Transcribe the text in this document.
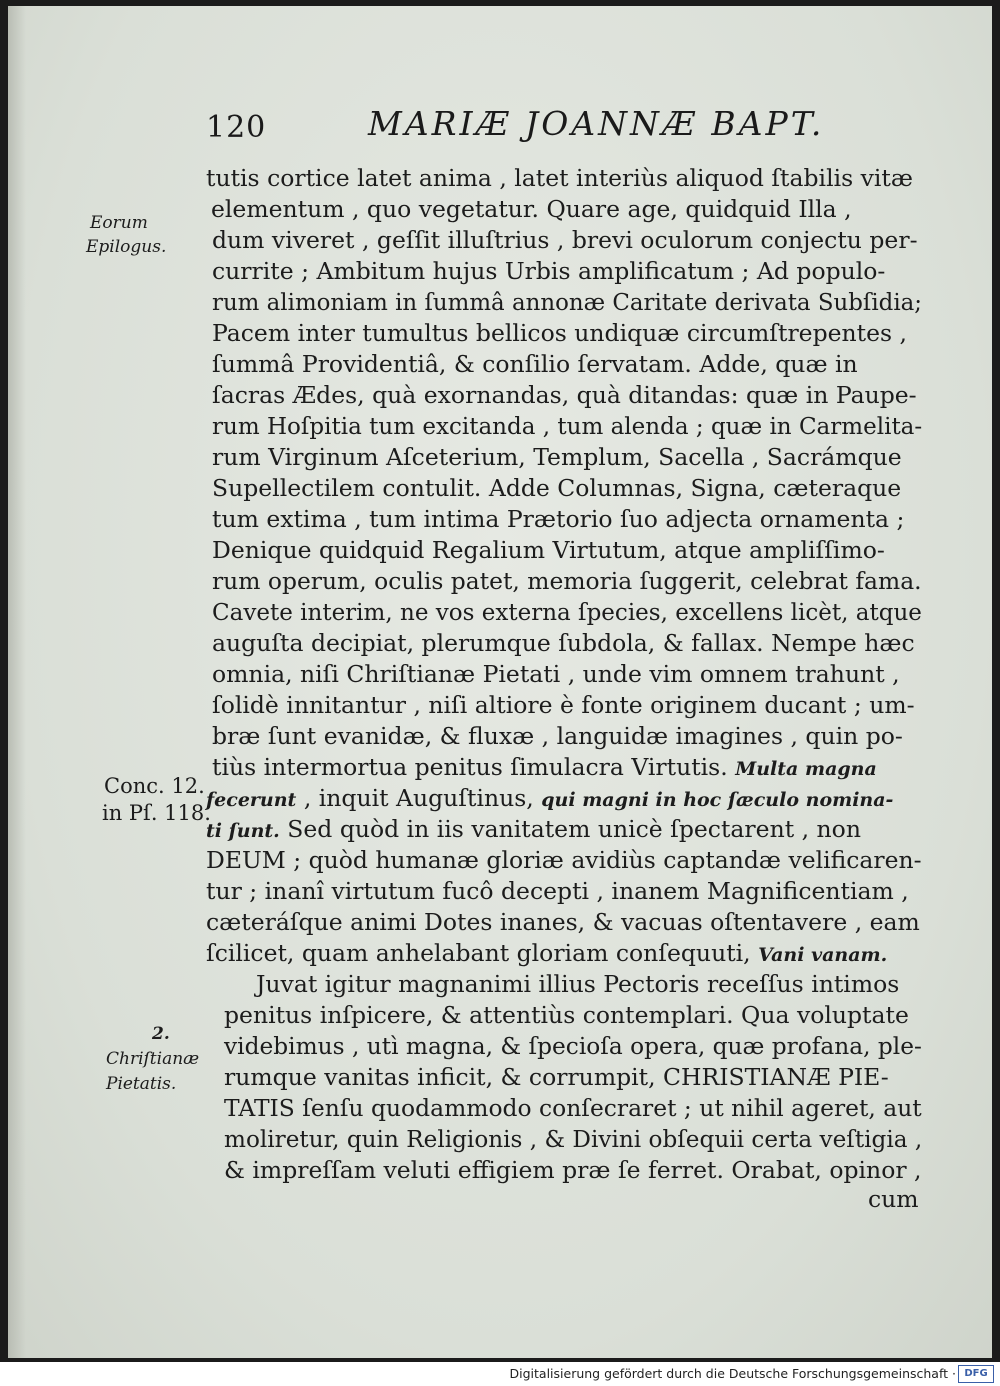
120	MARIÆ JOANNÆ BAPT.
Eorum
Epilogus.
Conc. 12.
in Pſ. 118.
2.
Chriſtianæ
Pietatis.
tutis cortice latet anima , latet interiùs aliquod ſtabilis vitæ
elementum , quo vegetatur. Quare age, quidquid Illa ,
dum viveret , geſſit illuſtrius , brevi oculorum conjectu per-
currite ; Ambitum hujus Urbis amplificatum ; Ad populo-
rum alimoniam in ſummâ annonæ Caritate derivata Subſidia;
Pacem inter tumultus bellicos undiquæ circumſtrepentes ,
ſummâ Providentiâ, & conſilio ſervatam. Adde, quæ in
ſacras Ædes, quà exornandas, quà ditandas: quæ in Paupe-
rum Hoſpitia tum excitanda , tum alenda ; quæ in Carmelita-
rum Virginum Aſceterium, Templum, Sacella , Sacrámque
Supellectilem contulit. Adde Columnas, Signa, cæteraque
tum extima , tum intima Prætorio ſuo adjecta ornamenta ;
Denique quidquid Regalium Virtutum, atque ampliſſimo-
rum operum, oculis patet, memoria ſuggerit, celebrat fama.
Cavete interim, ne vos externa ſpecies, excellens licèt, atque
auguſta decipiat, plerumque ſubdola, & fallax. Nempe hæc
omnia, niſi Chriſtianæ Pietati , unde vim omnem trahunt ,
ſolidè innitantur , niſi altiore è fonte originem ducant ; um-
bræ ſunt evanidæ, & fluxæ , languidæ imagines , quin po-
tiùs intermortua penitus ſimulacra Virtutis. Multa magna
fecerunt , inquit Auguſtinus, qui magni in hoc ſæculo nomina-
ti ſunt. Sed quòd in iis vanitatem unicè ſpectarent , non
DEUM ; quòd humanæ gloriæ avidiùs captandæ velificaren-
tur ; inanî virtutum fucô decepti , inanem Magnificentiam ,
cæteráſque animi Dotes inanes, & vacuas oſtentavere , eam
ſcilicet, quam anhelabant gloriam conſequuti, Vani vanam.
Juvat igitur magnanimi illius Pectoris receſſus intimos
penitus inſpicere, & attentiùs contemplari. Qua voluptate
videbimus , utì magna, & ſpecioſa opera, quæ profana, ple-
rumque vanitas inficit, & corrumpit, CHRISTIANÆ PIE-
TATIS ſenſu quodammodo conſecraret ; ut nihil ageret, aut
moliretur, quin Religionis , & Divini obſequii certa veſtigia ,
& impreſſam veluti effigiem præ ſe ferret. Orabat, opinor ,
cum
Digitalisierung gefördert durch die Deutsche Forschungsgemeinschaft · DFG
